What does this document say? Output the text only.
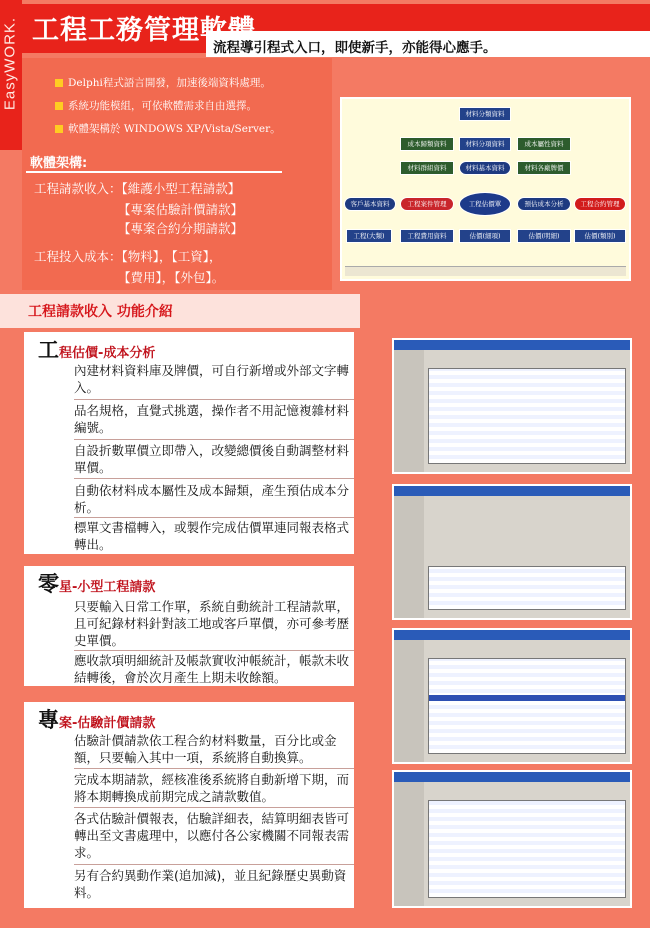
EasyWORK. 工程工務管理軟體
流程導引程式入口，即使新手，亦能得心應手。
Delphi程式語言開發，加速後端資料處理。
系統功能模組，可依軟體需求自由選擇。
軟體架構於 WINDOWS XP/Vista/Server。
軟體架構:
工程請款收入：【維護小型工程請款】
【專案估驗計價請款】
【專案合約分期請款】
工程投入成本：【物料】，【工資】，
【費用】，【外包】。
工程請款收入 功能介紹
工程估價-成本分析
內建材料資料庫及牌價，可自行新增或外部文字轉入。
品名規格，直覺式挑選，操作者不用記憶複雜材料編號。
自設折數單價立即帶入，改變總價後自動調整材料單價。
自動依材料成本屬性及成本歸類，產生預估成本分析。
標單文書檔轉入，或製作完成估價單連同報表格式轉出。
零星-小型工程請款
只要輸入日常工作單，系統自動統計工程請款單，且可紀錄材料針對該工地或客戶單價，亦可參考歷史單價。
應收款項明細統計及帳款實收沖帳統計，帳款未收結轉後，會於次月產生上期未收餘額。
專案-估驗計價請款
估驗計價請款依工程合約材料數量，百分比或金額，只要輸入其中一項，系統將自動換算。
完成本期請款，經核准後系統將自動新增下期，而將本期轉換成前期完成之請款數值。
各式估驗計價報表，估驗詳細表，結算明細表皆可轉出至文書處理中，以應付各公家機關不同報表需求。
另有合約異動作業(追加減)，並且紀錄歷史異動資料。
材料分類資料
成本歸類資料	材料分項資料	成本屬性資料
材料群組資料	材料基本資料	材料各廠牌價
客戶基本資料	工程案件管理	工程估價單	預估成本分析	工程合約管理
工程(大類)	工程費用資料	估價(細項)	估價(明細)	估價(類別)
